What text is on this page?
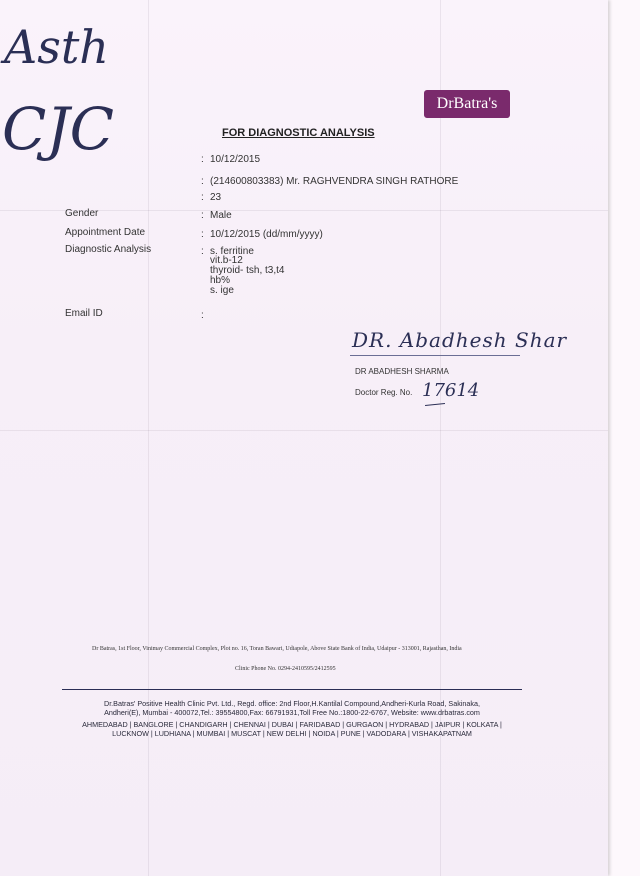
Asth
CJC	DrBatra's
FOR DIAGNOSTIC ANALYSIS
: 10/12/2015
: (214600803383) Mr. RAGHVENDRA SINGH RATHORE
: 23
Gender	: Male
Appointment Date	: 10/12/2015 (dd/mm/yyyy)
Diagnostic Analysis	: s. ferritine
vit.b-12
thyroid- tsh, t3,t4
hb%
s. ige
Email ID	:
DR. Abadhesh Shar
DR ABADHESH SHARMA
Doctor Reg. No. 17614
Dr Batras, 1st Floor, Vinimay Commercial Complex, Plot no. 16, Toran Bawari, Udiapole, Above State Bank of India, Udaipur - 313001, Rajasthan, India
Clinic Phone No. 0294-2410595/2412595
Dr.Batras' Positive Health Clinic Pvt. Ltd., Regd. office: 2nd Floor,H.Kantilal Compound,Andheri-Kurla Road, Sakinaka,
Andheri(E), Mumbai - 400072,Tel.: 39554800,Fax: 66791931,Toll Free No.:1800-22-6767, Website: www.drbatras.com
AHMEDABAD | BANGLORE | CHANDIGARH | CHENNAI | DUBAI | FARIDABAD | GURGAON | HYDRABAD | JAIPUR | KOLKATA |
LUCKNOW | LUDHIANA | MUMBAI | MUSCAT | NEW DELHI | NOIDA | PUNE | VADODARA | VISHAKAPATNAM
